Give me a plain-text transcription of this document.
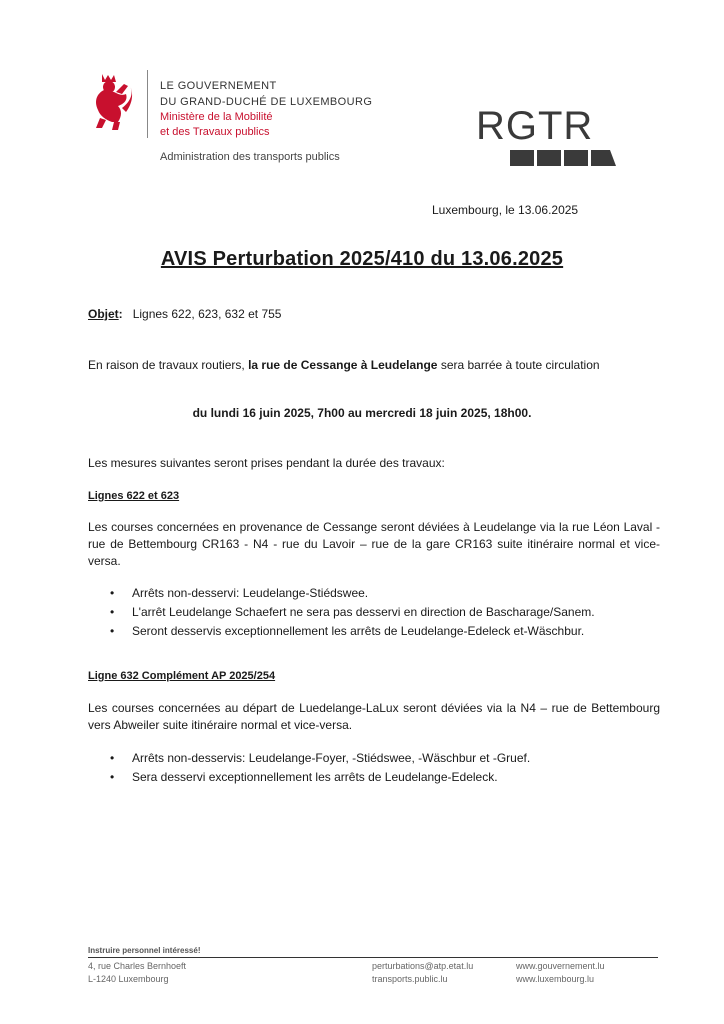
LE GOUVERNEMENT
DU GRAND-DUCHÉ DE LUXEMBOURG
Ministère de la Mobilité
et des Travaux publics
Administration des transports publics
RGTR
Luxembourg, le 13.06.2025
AVIS Perturbation 2025/410 du 13.06.2025
Objet: Lignes 622, 623, 632 et 755
En raison de travaux routiers, la rue de Cessange à Leudelange sera barrée à toute circulation
du lundi 16 juin 2025, 7h00 au mercredi 18 juin 2025, 18h00.
Les mesures suivantes seront prises pendant la durée des travaux:
Lignes 622 et 623
Les courses concernées en provenance de Cessange seront déviées à Leudelange via la rue Léon Laval - rue de Bettembourg CR163 - N4 - rue du Lavoir – rue de la gare CR163 suite itinéraire normal et vice-versa.
• Arrêts non-desservi: Leudelange-Stiédswee.
• L'arrêt Leudelange Schaefert ne sera pas desservi en direction de Bascharage/Sanem.
• Seront desservis exceptionnellement les arrêts de Leudelange-Edeleck et-Wäschbur.
Ligne 632 Complément AP 2025/254
Les courses concernées au départ de Luedelange-LaLux seront déviées via la N4 – rue de Bettembourg vers Abweiler suite itinéraire normal et vice-versa.
• Arrêts non-desservis: Leudelange-Foyer, -Stiédswee, -Wäschbur et -Gruef.
• Sera desservi exceptionnellement les arrêts de Leudelange-Edeleck.
Instruire personnel intéressé!
4, rue Charles Bernhoeft
L-1240 Luxembourg
perturbations@atp.etat.lu
transports.public.lu
www.gouvernement.lu
www.luxembourg.lu
